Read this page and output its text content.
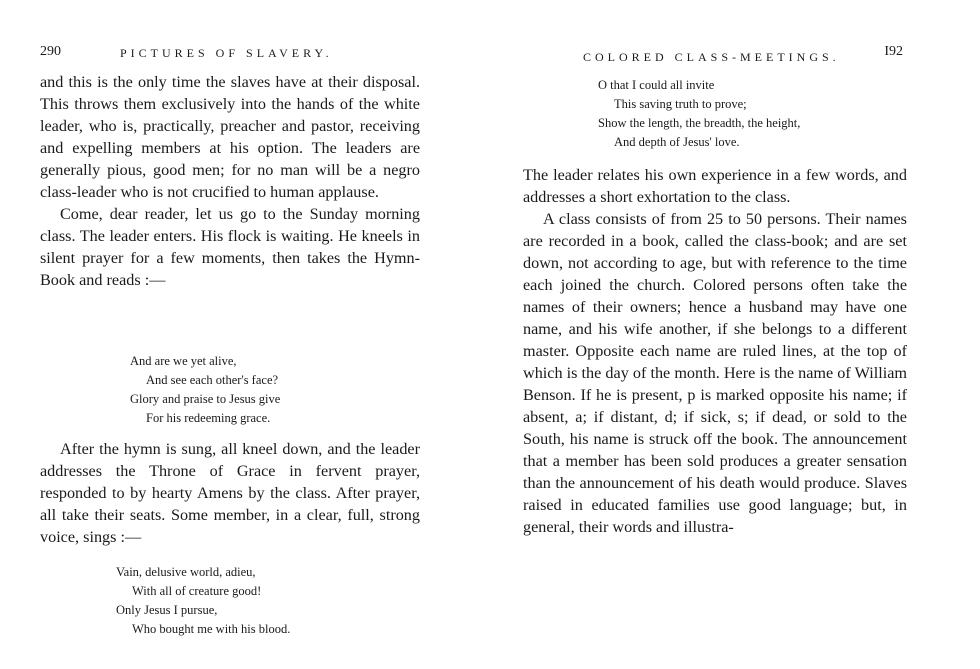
290	PICTURES OF SLAVERY.

and this is the only time the slaves have at their disposal. This throws them exclusively into the hands of the white leader, who is, practically, preacher and pastor, receiving and expelling members at his option. The leaders are generally pious, good men; for no man will be a negro class-leader who is not crucified to human applause.

Come, dear reader, let us go to the Sunday morning class. The leader enters. His flock is waiting. He kneels in silent prayer for a few moments, then takes the Hymn-Book and reads :—

And are we yet alive,
And see each other's face?
Glory and praise to Jesus give
For his redeeming grace.

After the hymn is sung, all kneel down, and the leader addresses the Throne of Grace in fervent prayer, responded to by hearty Amens by the class. After prayer, all take their seats. Some member, in a clear, full, strong voice, sings :—

Vain, delusive world, adieu,
With all of creature good!
Only Jesus I pursue,
Who bought me with his blood.
COLORED CLASS-MEETINGS.	I92
O that I could all invite
This saving truth to prove;
Show the length, the breadth, the height,
And depth of Jesus' love.

The leader relates his own experience in a few words, and addresses a short exhortation to the class.

A class consists of from 25 to 50 persons. Their names are recorded in a book, called the class-book; and are set down, not according to age, but with reference to the time each joined the church. Colored persons often take the names of their owners; hence a husband may have one name, and his wife another, if she belongs to a different master. Opposite each name are ruled lines, at the top of which is the day of the month. Here is the name of William Benson. If he is present, p is marked opposite his name; if absent, a; if distant, d; if sick, s; if dead, or sold to the South, his name is struck off the book. The announcement that a member has been sold produces a greater sensation than the announcement of his death would produce. Slaves raised in educated families use good language; but, in general, their words and illustra-
